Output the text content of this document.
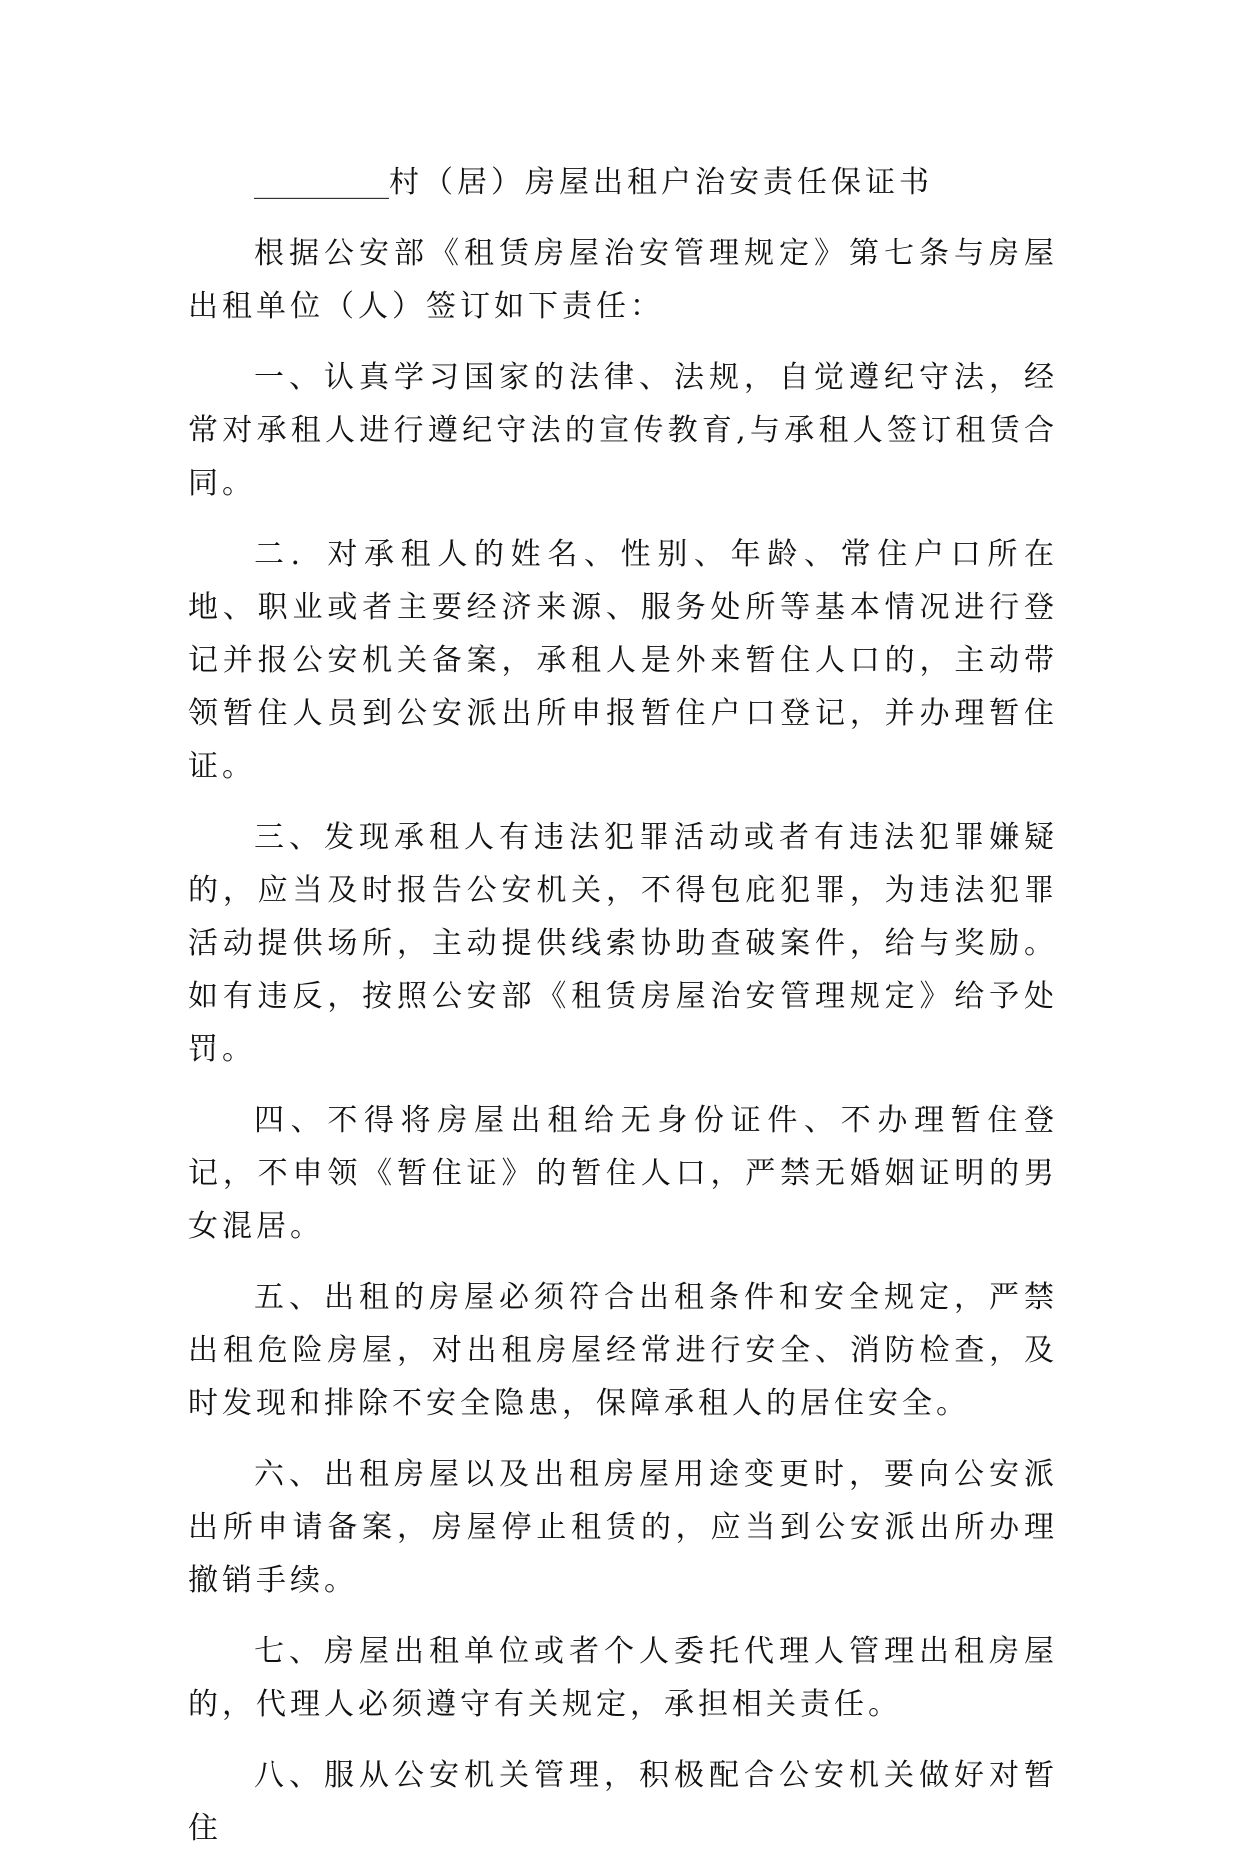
_________村（居）房屋出租户治安责任保证书

根据公安部《租赁房屋治安管理规定》第七条与房屋出租单位（人）签订如下责任：

一、认真学习国家的法律、法规，自觉遵纪守法，经常对承租人进行遵纪守法的宣传教育,与承租人签订租赁合同。

二．对承租人的姓名、性别、年龄、常住户口所在地、职业或者主要经济来源、服务处所等基本情况进行登记并报公安机关备案，承租人是外来暂住人口的，主动带领暂住人员到公安派出所申报暂住户口登记，并办理暂住证。

三、发现承租人有违法犯罪活动或者有违法犯罪嫌疑的，应当及时报告公安机关，不得包庇犯罪，为违法犯罪活动提供场所，主动提供线索协助查破案件，给与奖励。如有违反，按照公安部《租赁房屋治安管理规定》给予处罚。

四、不得将房屋出租给无身份证件、不办理暂住登记，不申领《暂住证》的暂住人口，严禁无婚姻证明的男女混居。

五、出租的房屋必须符合出租条件和安全规定，严禁出租危险房屋，对出租房屋经常进行安全、消防检查，及时发现和排除不安全隐患，保障承租人的居住安全。

六、出租房屋以及出租房屋用途变更时，要向公安派出所申请备案，房屋停止租赁的，应当到公安派出所办理撤销手续。

七、房屋出租单位或者个人委托代理人管理出租房屋的，代理人必须遵守有关规定，承担相关责任。

八、服从公安机关管理，积极配合公安机关做好对暂住
